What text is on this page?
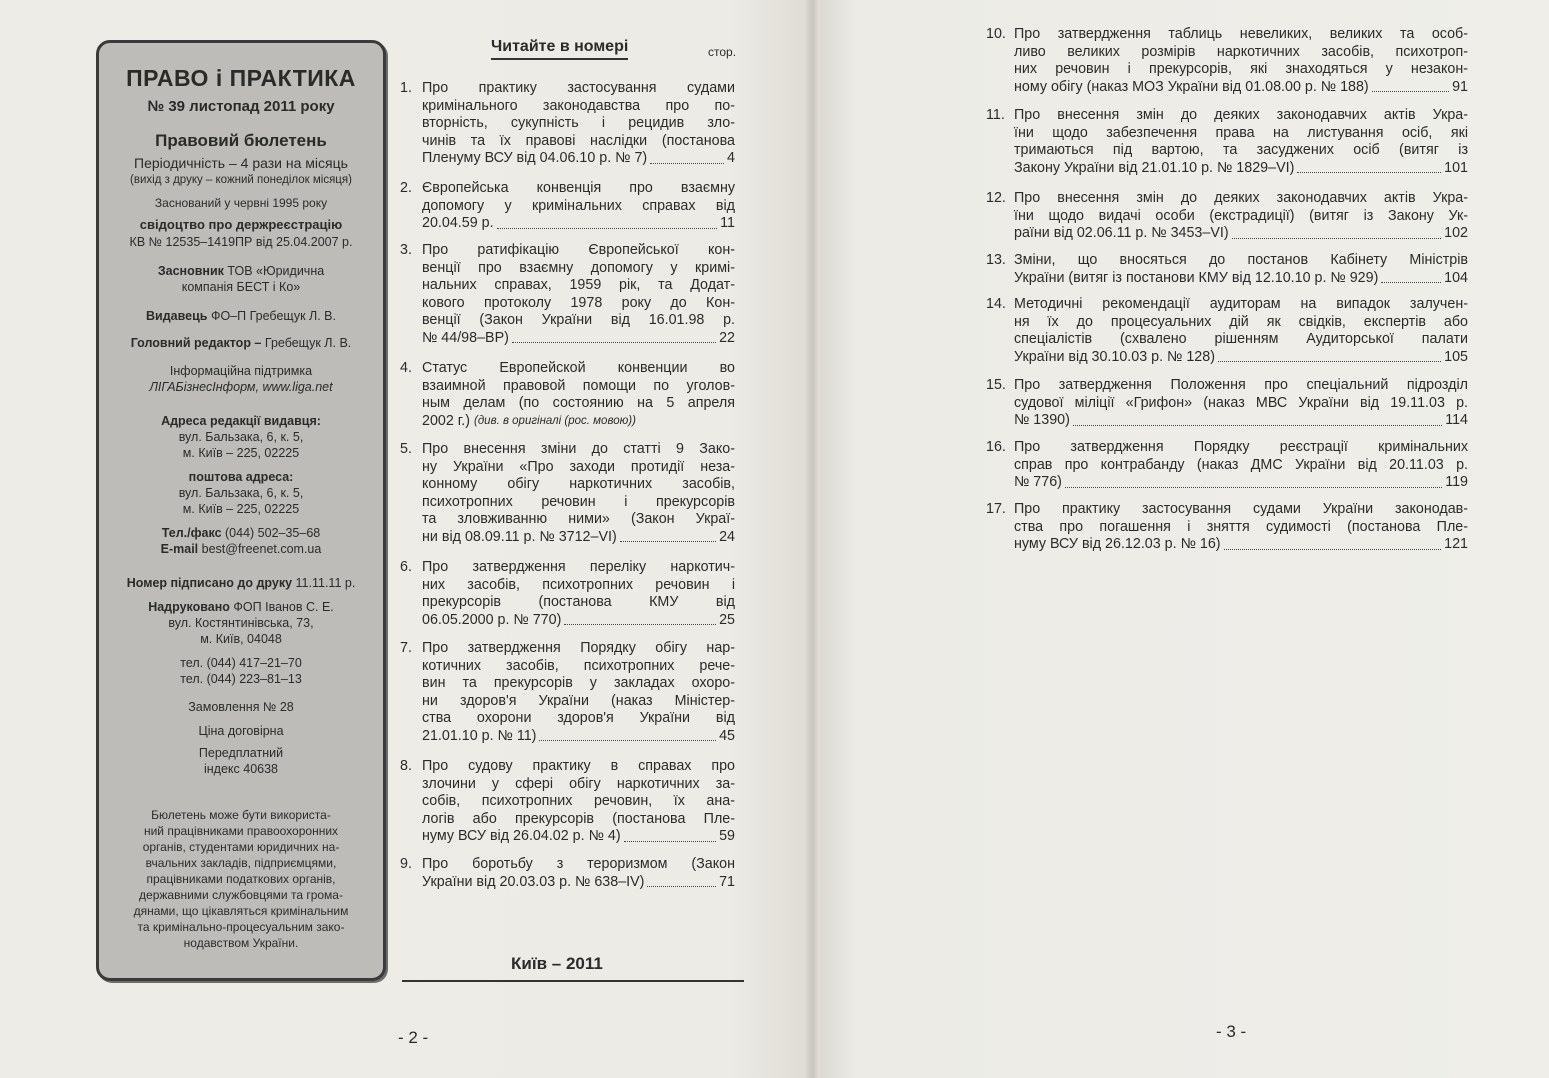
ПРАВО і ПРАКТИКА
№ 39 листопад 2011 року
Правовий бюлетень
Періодичність – 4 рази на місяць
(вихід з друку – кожний понеділок місяця)
Заснований у червні 1995 року
свідоцтво про держреєстрацію
КВ № 12535–1419ПР від 25.04.2007 р.
Засновник ТОВ «Юридична
компанія БЕСТ і Ко»
Видавець ФО–П Гребещук Л. В.
Головний редактор – Гребещук Л. В.
Інформаційна підтримка
ЛІГАБізнесІнформ, www.liga.net
Адреса редакції видавця:
вул. Бальзака, 6, к. 5,
м. Київ – 225, 02225
поштова адреса:
вул. Бальзака, 6, к. 5,
м. Київ – 225, 02225
Тел./факс (044) 502–35–68
E-mail best@freenet.com.ua
Номер підписано до друку 11.11.11 р.
Надруковано ФОП Іванов С. Е.
вул. Костянтинівська, 73,
м. Київ, 04048
тел. (044) 417–21–70
тел. (044) 223–81–13
Замовлення № 28
Ціна договірна
Передплатний
індекс 40638
Бюлетень може бути використа-
ний працівниками правоохоронних
органів, студентами юридичних на-
вчальних закладів, підприємцями,
працівниками податкових органів,
державними службовцями та грома-
дянами, що цікавляться кримінальним
та кримінально-процесуальним зако-
нодавством України.
Читайте в номері	стор.
1. Про практику застосування судами
кримінального законодавства про по-
вторність, сукупність і рецидив зло-
чинів та їх правові наслідки (постанова
Пленуму ВСУ від 04.06.10 р. № 7)	4
2. Європейська конвенція про взаємну
допомогу у кримінальних справах від
20.04.59 р.	11
3. Про ратифікацію Європейської кон-
венції про взаємну допомогу у кримі-
нальних справах, 1959 рік, та Додат-
кового протоколу 1978 року до Кон-
венції (Закон України від 16.01.98 р.
№ 44/98–ВР)	22
4. Статус Европейской конвенции во
взаимной правовой помощи по уголов-
ным делам (по состоянию на 5 апреля
2002 г.) (див. в оригіналі (рос. мовою))
5. Про внесення зміни до статті 9 Зако-
ну України «Про заходи протидії неза-
конному обігу наркотичних засобів,
психотропних речовин і прекурсорів
та зловживанню ними» (Закон Украї-
ни від 08.09.11 р. № 3712–VI)	24
6. Про затвердження переліку наркотич-
них засобів, психотропних речовин і
прекурсорів (постанова КМУ від
06.05.2000 р. № 770)	25
7. Про затвердження Порядку обігу нар-
котичних засобів, психотропних рече-
вин та прекурсорів у закладах охоро-
ни здоров'я України (наказ Міністер-
ства охорони здоров'я України від
21.01.10 р. № 11)	45
8. Про судову практику в справах про
злочини у сфері обігу наркотичних за-
собів, психотропних речовин, їх ана-
логів або прекурсорів (постанова Пле-
нуму ВСУ від 26.04.02 р. № 4)	59
9. Про боротьбу з тероризмом (Закон
України від 20.03.03 р. № 638–IV)	71
10. Про затвердження таблиць невеликих, великих та особ-
ливо великих розмірів наркотичних засобів, психотроп-
них речовин і прекурсорів, які знаходяться у незакон-
ному обігу (наказ МОЗ України від 01.08.00 р. № 188)	91
11. Про внесення змін до деяких законодавчих актів Укра-
їни щодо забезпечення права на листування осіб, які
тримаються під вартою, та засуджених осіб (витяг із
Закону України від 21.01.10 р. № 1829–VI)	101
12. Про внесення змін до деяких законодавчих актів Укра-
їни щодо видачі особи (екстрадиції) (витяг із Закону Ук-
раїни від 02.06.11 р. № 3453–VI)	102
13. Зміни, що вносяться до постанов Кабінету Міністрів
України (витяг із постанови КМУ від 12.10.10 р. № 929)	104
14. Методичні рекомендації аудиторам на випадок залучен-
ня їх до процесуальних дій як свідків, експертів або
спеціалістів (схвалено рішенням Аудиторської палати
України від 30.10.03 р. № 128)	105
15. Про затвердження Положення про спеціальний підрозділ
судової міліції «Грифон» (наказ МВС України від 19.11.03 р.
№ 1390)	114
16. Про затвердження Порядку реєстрації кримінальних
справ про контрабанду (наказ ДМС України від 20.11.03 р.
№ 776)	119
17. Про практику застосування судами України законодав-
ства про погашення і зняття судимості (постанова Пле-
нуму ВСУ від 26.12.03 р. № 16)	121
Київ – 2011
- 2 -	- 3 -
